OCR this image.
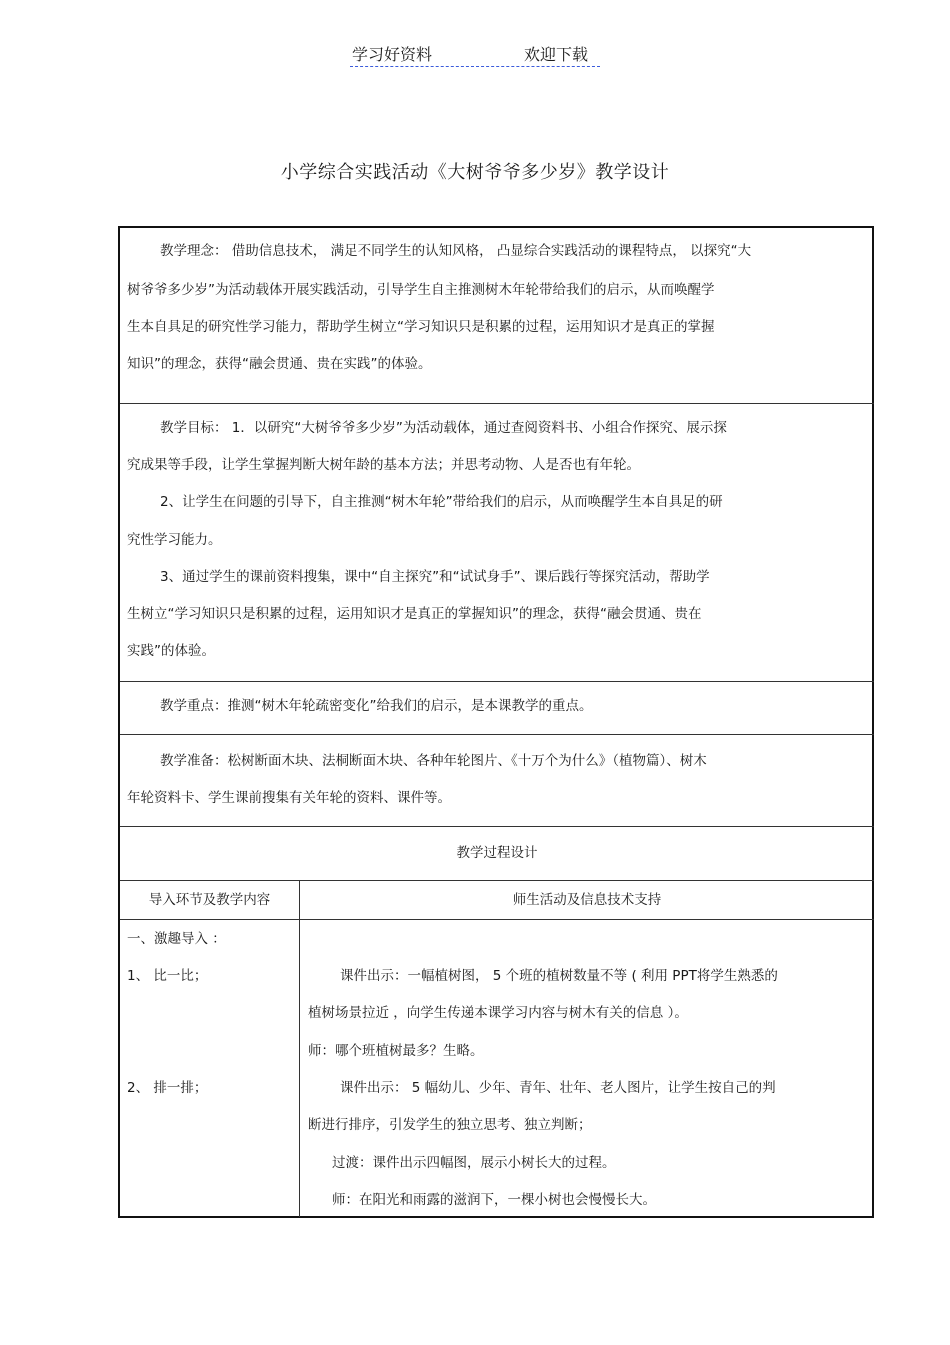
学习好资料	欢迎下载
小学综合实践活动《大树爷爷多少岁》教学设计
教学理念： 借助信息技术， 满足不同学生的认知风格， 凸显综合实践活动的课程特点， 以探究“大
树爷爷多少岁”为活动载体开展实践活动，引导学生自主推测树木年轮带给我们的启示，从而唤醒学
生本自具足的研究性学习能力，帮助学生树立“学习知识只是积累的过程，运用知识才是真正的掌握
知识”的理念，获得“融会贯通、贵在实践”的体验。
教学目标： 1．以研究“大树爷爷多少岁”为活动载体，通过查阅资料书、小组合作探究、展示探
究成果等手段，让学生掌握判断大树年龄的基本方法；并思考动物、人是否也有年轮。
2、让学生在问题的引导下，自主推测“树木年轮”带给我们的启示，从而唤醒学生本自具足的研
究性学习能力。
3、通过学生的课前资料搜集，课中“自主探究”和“试试身手”、课后践行等探究活动，帮助学
生树立“学习知识只是积累的过程，运用知识才是真正的掌握知识”的理念，获得“融会贯通、贵在
实践”的体验。
教学重点：推测“树木年轮疏密变化”给我们的启示，是本课教学的重点。
教学准备：松树断面木块、法桐断面木块、各种年轮图片、《十万个为什么》（植物篇）、树木
年轮资料卡、学生课前搜集有关年轮的资料、课件等。
教学过程设计
导入环节及教学内容	师生活动及信息技术支持
一、激趣导入 ：
1、 比一比；
2、 排一排；
课件出示：一幅植树图， 5 个班的植树数量不等 ( 利用 PPT将学生熟悉的
植树场景拉近 ，向学生传递本课学习内容与树木有关的信息 ）。
师：哪个班植树最多？生略。
课件出示： 5 幅幼儿、少年、青年、壮年、老人图片，让学生按自己的判
断进行排序，引发学生的独立思考、独立判断；
过渡：课件出示四幅图，展示小树长大的过程。
师：在阳光和雨露的滋润下，一棵小树也会慢慢长大。
